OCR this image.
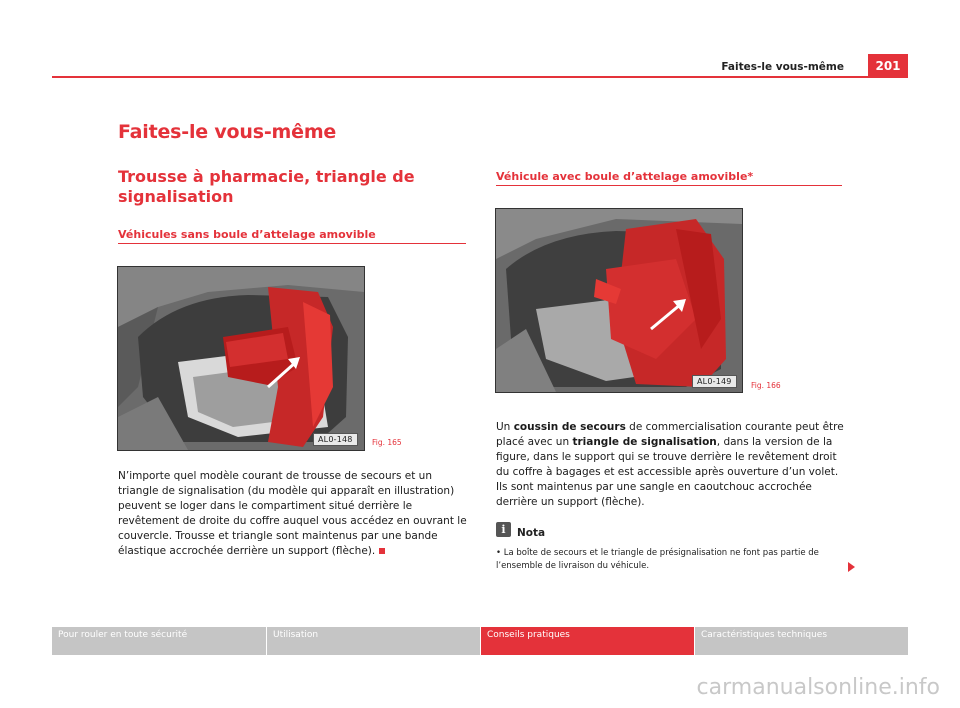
Faites-le vous-même	201
Faites-le vous-même
Trousse à pharmacie, triangle de signalisation
Véhicules sans boule d’attelage amovible
AL0-148	Fig. 165
N’importe quel modèle courant de trousse de secours et un triangle de signalisation (du modèle qui apparaît en illustration) peuvent se loger dans le compartiment situé derrière le revêtement de droite du coffre auquel vous accédez en ouvrant le couvercle. Trousse et triangle sont maintenus par une bande élastique accrochée derrière un support (flèche).
Véhicule avec boule d’attelage amovible*
AL0-149	Fig. 166
Un coussin de secours de commercialisation courante peut être placé avec un triangle de signalisation, dans la version de la figure, dans le support qui se trouve derrière le revêtement droit du coffre à bagages et est accessible après ouverture d’un volet. Ils sont maintenus par une sangle en caoutchouc accrochée derrière un support (flèche).
i	Nota
• La boîte de secours et le triangle de présignalisation ne font pas partie de l’ensemble de livraison du véhicule.
Pour rouler en toute sécurité	Utilisation	Conseils pratiques	Caractéristiques techniques
carmanualsonline.info
